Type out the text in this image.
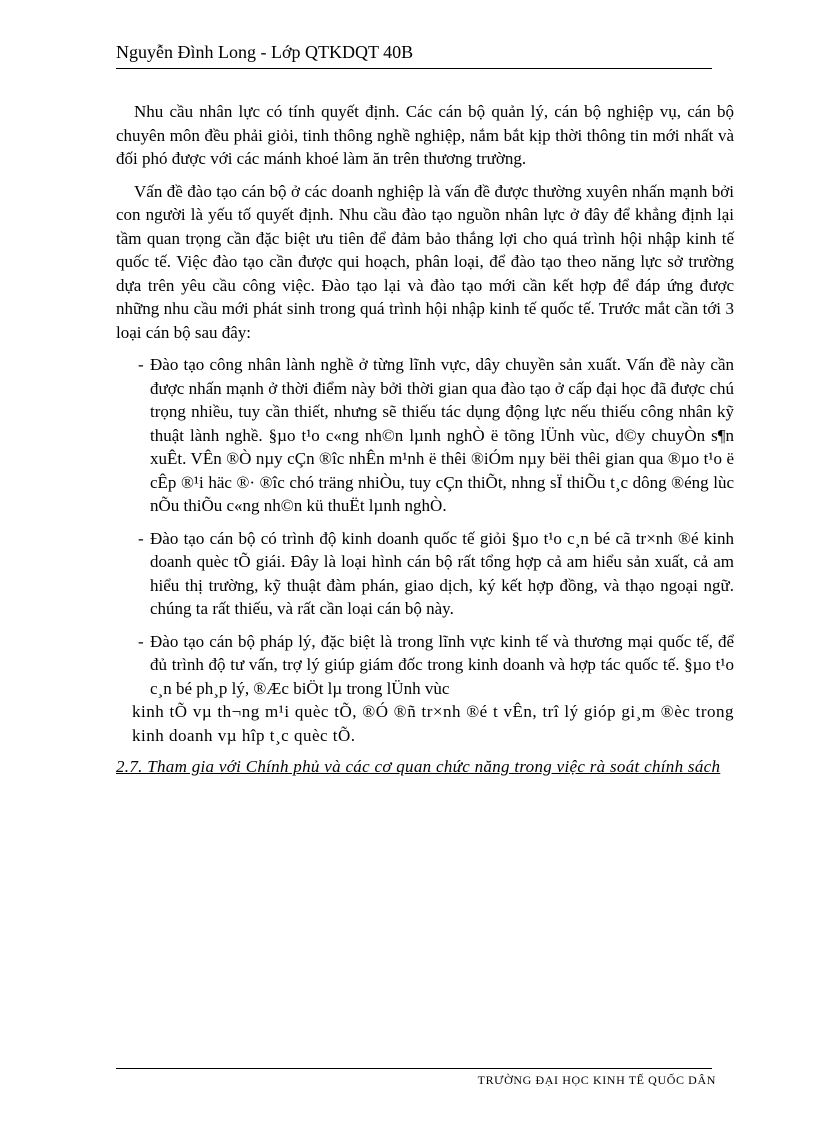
Nguyễn Đình Long - Lớp QTKDQT 40B

Nhu cầu nhân lực có tính quyết định. Các cán bộ quản lý, cán bộ nghiệp vụ, cán bộ chuyên môn đều phải giỏi, tinh thông nghề nghiệp, nắm bắt kịp thời thông tin mới nhất và đối phó được với các mánh khoé làm ăn trên thương trường.

Vấn đề đào tạo cán bộ ở các doanh nghiệp là vấn đề được thường xuyên nhấn mạnh bởi con người là yếu tố quyết định. Nhu cầu đào tạo nguồn nhân lực ở đây để khẳng định lại tầm quan trọng cần đặc biệt ưu tiên để đảm bảo thắng lợi cho quá trình hội nhập kinh tế quốc tế. Việc đào tạo cần được qui hoạch, phân loại, để đào tạo theo năng lực sở trường dựa trên yêu cầu công việc. Đào tạo lại và đào tạo mới cần kết hợp để đáp ứng được những nhu cầu mới phát sinh trong quá trình hội nhập kinh tế quốc tế. Trước mắt cần tới 3 loại cán bộ sau đây:

- Đào tạo công nhân lành nghề ở từng lĩnh vực, dây chuyền sản xuất. Vấn đề này cần được nhấn mạnh ở thời điểm này bởi thời gian qua đào tạo ở cấp đại học đã được chú trọng nhiều, tuy cần thiết, nhưng sẽ thiếu tác dụng động lực nếu thiếu công nhân kỹ thuật lành nghề. §µo t¹o c«ng nh©n lµnh nghÒ ë tõng lÜnh vùc, d©y chuyÒn s¶n xuÊt. VÊn ®Ò nµy cÇn ®îc nhÊn m¹nh ë thêi ®iÓm nµy bëi thêi gian qua ®µo t¹o ë cÊp ®¹i häc ®· ®îc chó träng nhiÒu, tuy cÇn thiÕt, nhng sÏ thiÕu t¸c dông ®éng lùc nÕu thiÕu c«ng nh©n kü thuËt lµnh nghÒ.
- Đào tạo cán bộ có trình độ kinh doanh quốc tế giỏi §µo t¹o c¸n bé cã tr×nh ®é kinh doanh quèc tÕ giái. Đây là loại hình cán bộ rất tổng hợp cả am hiểu sản xuất, cả am hiểu thị trường, kỹ thuật đàm phán, giao dịch, ký kết hợp đồng, và thạo ngoại ngữ. chúng ta rất thiếu, và rất cần loại cán bộ này.
- Đào tạo cán bộ pháp lý, đặc biệt là trong lĩnh vực kinh tế và thương mại quốc tế, để đủ trình độ tư vấn, trợ lý giúp giám đốc trong kinh doanh và hợp tác quốc tế. §µo t¹o c¸n bé ph¸p lý, ®Æc biÖt lµ trong lÜnh vùc

kinh tÕ vµ th¬ng m¹i quèc tÕ, ®Ó ®ñ tr×nh ®é t vÊn, trî lý gióp gi¸m ®èc trong kinh doanh vµ hîp t¸c quèc tÕ.

2.7. Tham gia với Chính phủ và các cơ quan chức năng trong việc rà soát chính sách

TRƯỜNG ĐẠI HỌC KINH TẾ QUỐC DÂN
